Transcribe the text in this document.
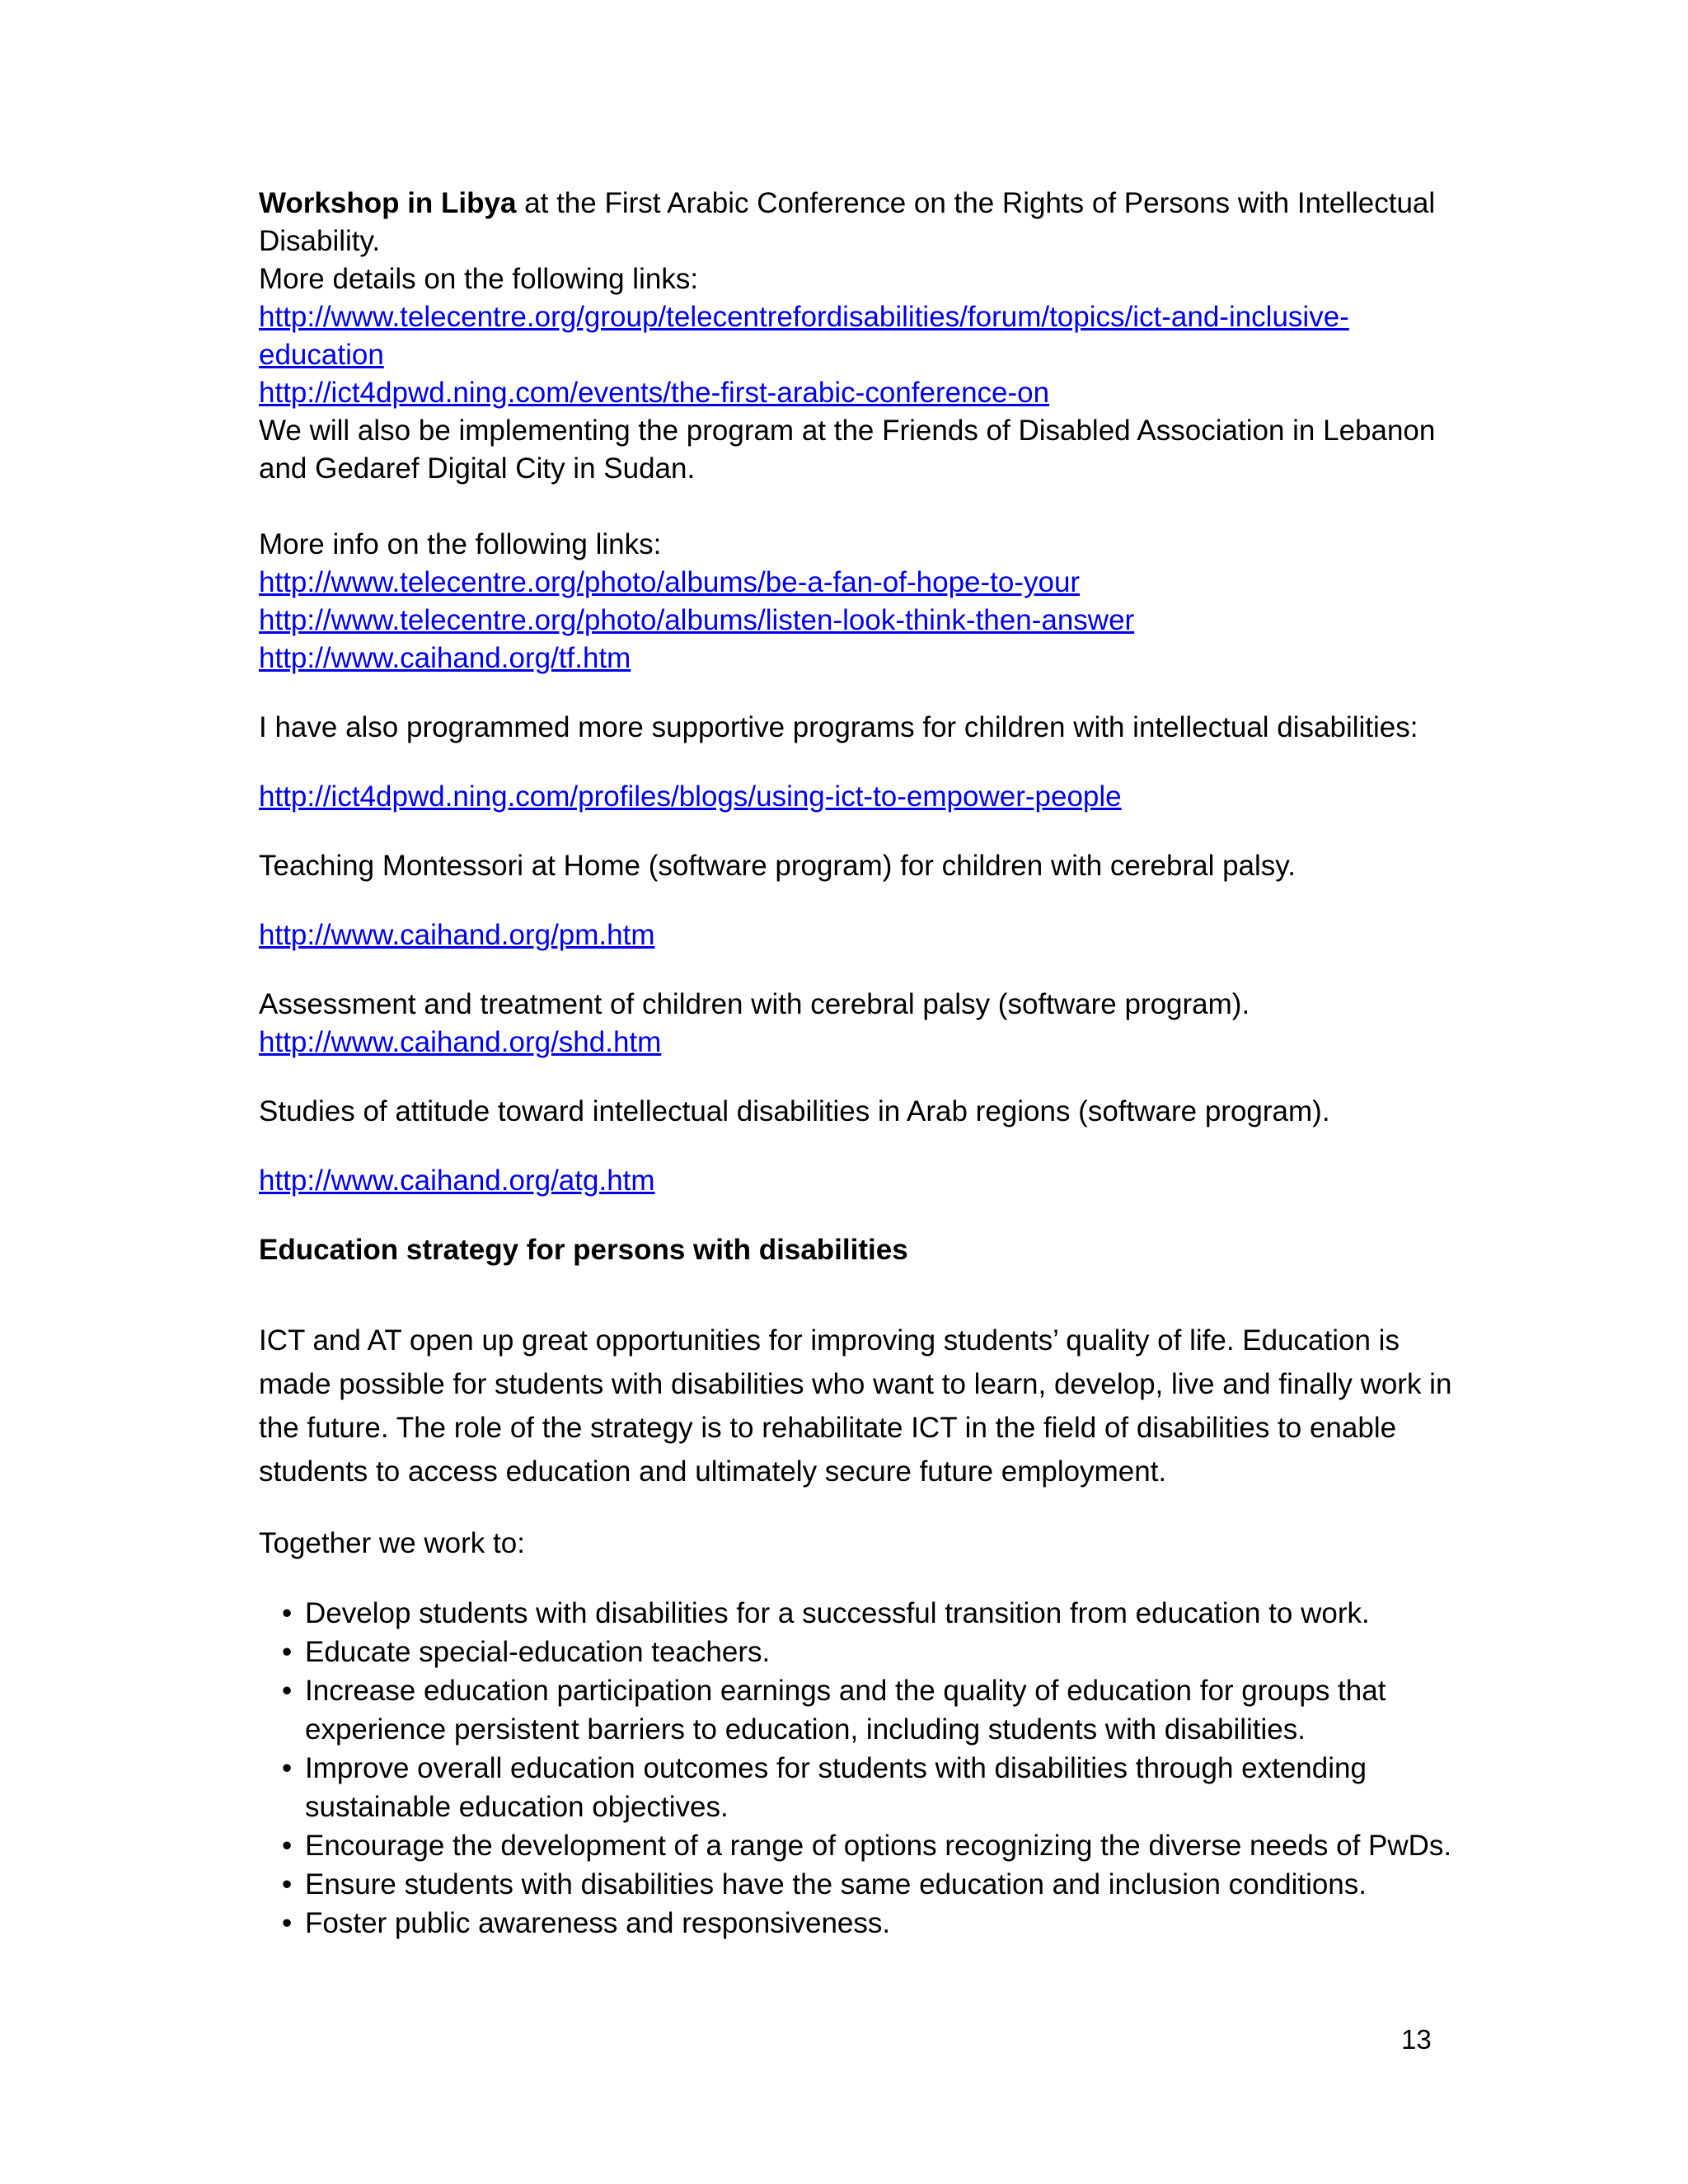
Workshop in Libya at the First Arabic Conference on the Rights of Persons with Intellectual Disability.

More details on the following links:

http://www.telecentre.org/group/telecentrefordisabilities/forum/topics/ict-and-inclusive-education
http://ict4dpwd.ning.com/events/the-first-arabic-conference-on

We will also be implementing the program at the Friends of Disabled Association in Lebanon and Gedaref Digital City in Sudan.

More info on the following links:

http://www.telecentre.org/photo/albums/be-a-fan-of-hope-to-your
http://www.telecentre.org/photo/albums/listen-look-think-then-answer
http://www.caihand.org/tf.htm

I have also programmed more supportive programs for children with intellectual disabilities:

http://ict4dpwd.ning.com/profiles/blogs/using-ict-to-empower-people

Teaching Montessori at Home (software program) for children with cerebral palsy.

http://www.caihand.org/pm.htm

Assessment and treatment of children with cerebral palsy (software program).

http://www.caihand.org/shd.htm

Studies of attitude toward intellectual disabilities in Arab regions (software program).

http://www.caihand.org/atg.htm

Education strategy for persons with disabilities

ICT and AT open up great opportunities for improving students’ quality of life. Education is made possible for students with disabilities who want to learn, develop, live and finally work in the future. The role of the strategy is to rehabilitate ICT in the field of disabilities to enable students to access education and ultimately secure future employment.

Together we work to:

• Develop students with disabilities for a successful transition from education to work.
• Educate special-education teachers.
• Increase education participation earnings and the quality of education for groups that experience persistent barriers to education, including students with disabilities.
• Improve overall education outcomes for students with disabilities through extending sustainable education objectives.
• Encourage the development of a range of options recognizing the diverse needs of PwDs.
• Ensure students with disabilities have the same education and inclusion conditions.
• Foster public awareness and responsiveness.
13
